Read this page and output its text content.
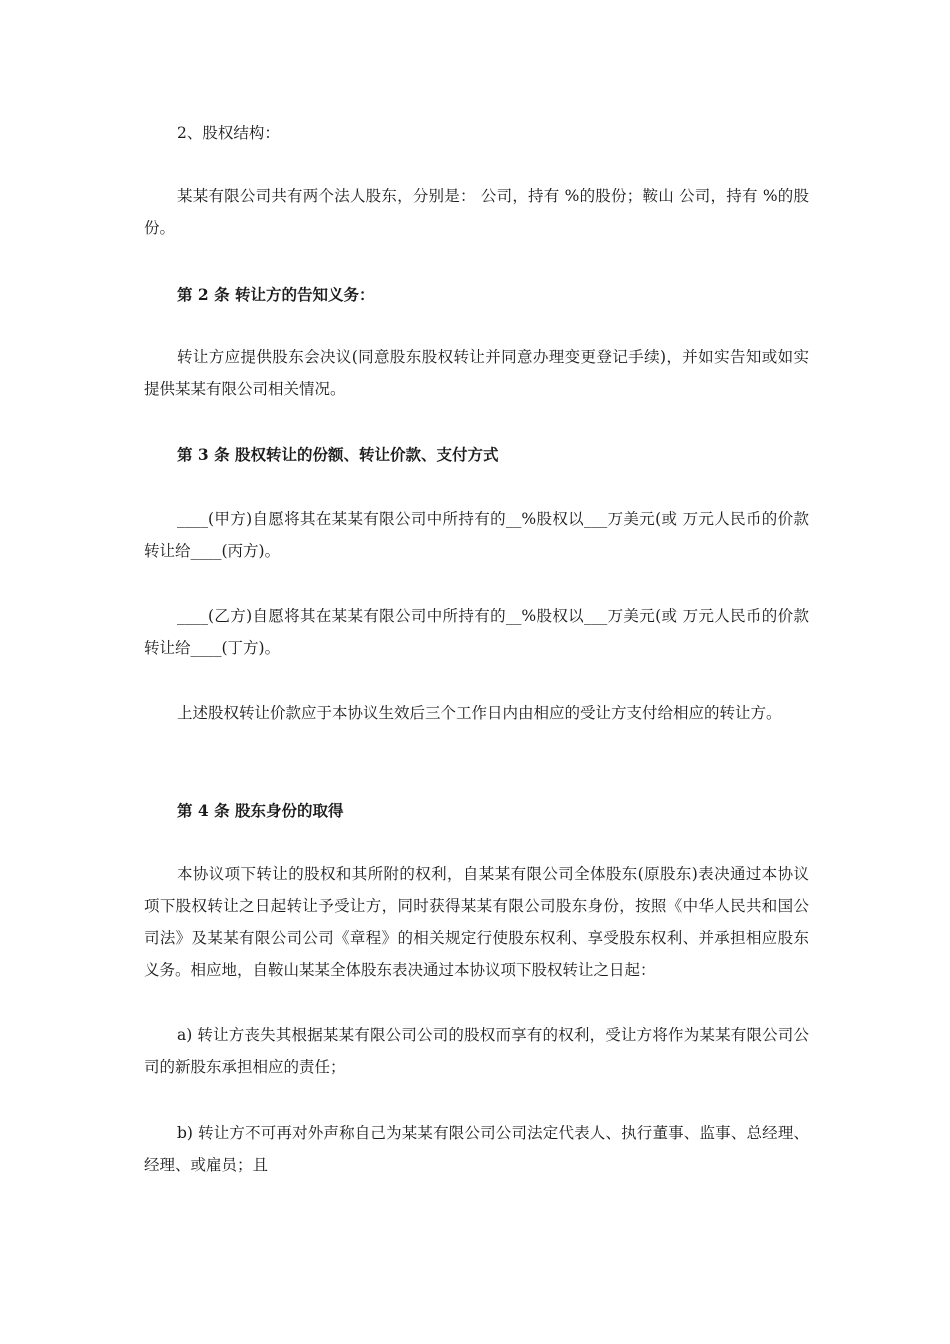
2、股权结构：

某某有限公司共有两个法人股东，分别是： 公司，持有 %的股份；鞍山 公司，持有 %的股份。

第 2 条 转让方的告知义务：

转让方应提供股东会决议(同意股东股权转让并同意办理变更登记手续)，并如实告知或如实提供某某有限公司相关情况。

第 3 条 股权转让的份额、转让价款、支付方式

____(甲方)自愿将其在某某有限公司中所持有的__%股权以___万美元(或 万元人民币的价款转让给____(丙方)。

____(乙方)自愿将其在某某有限公司中所持有的__%股权以___万美元(或 万元人民币的价款转让给____(丁方)。

上述股权转让价款应于本协议生效后三个工作日内由相应的受让方支付给相应的转让方。

第 4 条 股东身份的取得

本协议项下转让的股权和其所附的权利，自某某有限公司全体股东(原股东)表决通过本协议项下股权转让之日起转让予受让方，同时获得某某有限公司股东身份，按照《中华人民共和国公司法》及某某有限公司公司《章程》的相关规定行使股东权利、享受股东权利、并承担相应股东义务。相应地，自鞍山某某全体股东表决通过本协议项下股权转让之日起：

a) 转让方丧失其根据某某有限公司公司的股权而享有的权利，受让方将作为某某有限公司公司的新股东承担相应的责任；

b) 转让方不可再对外声称自己为某某有限公司公司法定代表人、执行董事、监事、总经理、经理、或雇员；且
